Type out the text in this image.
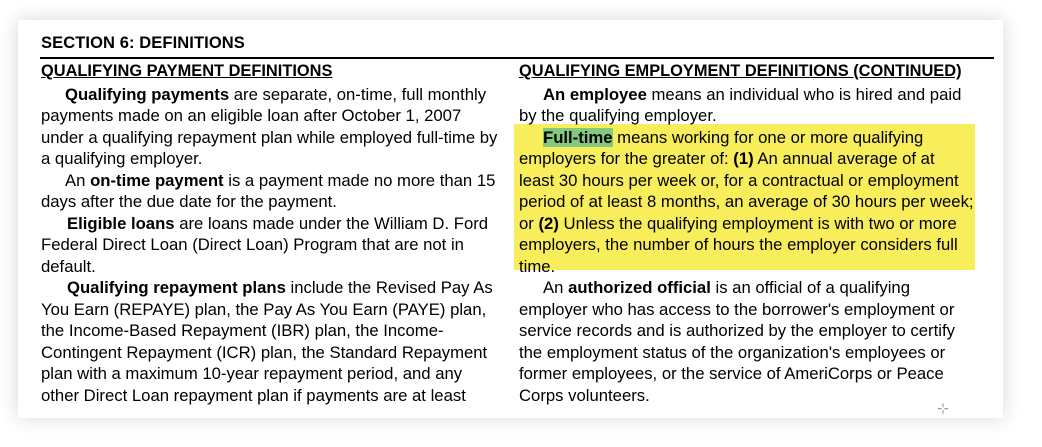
SECTION 6: DEFINITIONS
QUALIFYING PAYMENT DEFINITIONS

Qualifying payments are separate, on-time, full monthly payments made on an eligible loan after October 1, 2007 under a qualifying repayment plan while employed full-time by a qualifying employer.

An on-time payment is a payment made no more than 15 days after the due date for the payment.

Eligible loans are loans made under the William D. Ford Federal Direct Loan (Direct Loan) Program that are not in default.

Qualifying repayment plans include the Revised Pay As You Earn (REPAYE) plan, the Pay As You Earn (PAYE) plan, the Income-Based Repayment (IBR) plan, the Income-Contingent Repayment (ICR) plan, the Standard Repayment plan with a maximum 10-year repayment period, and any other Direct Loan repayment plan if payments are at least

QUALIFYING EMPLOYMENT DEFINITIONS (CONTINUED)

An employee means an individual who is hired and paid by the qualifying employer.

Full-time means working for one or more qualifying employers for the greater of: (1) An annual average of at least 30 hours per week or, for a contractual or employment period of at least 8 months, an average of 30 hours per week; or (2) Unless the qualifying employment is with two or more employers, the number of hours the employer considers full time.

An authorized official is an official of a qualifying employer who has access to the borrower's employment or service records and is authorized by the employer to certify the employment status of the organization's employees or former employees, or the service of AmeriCorps or Peace Corps volunteers.

⊹
